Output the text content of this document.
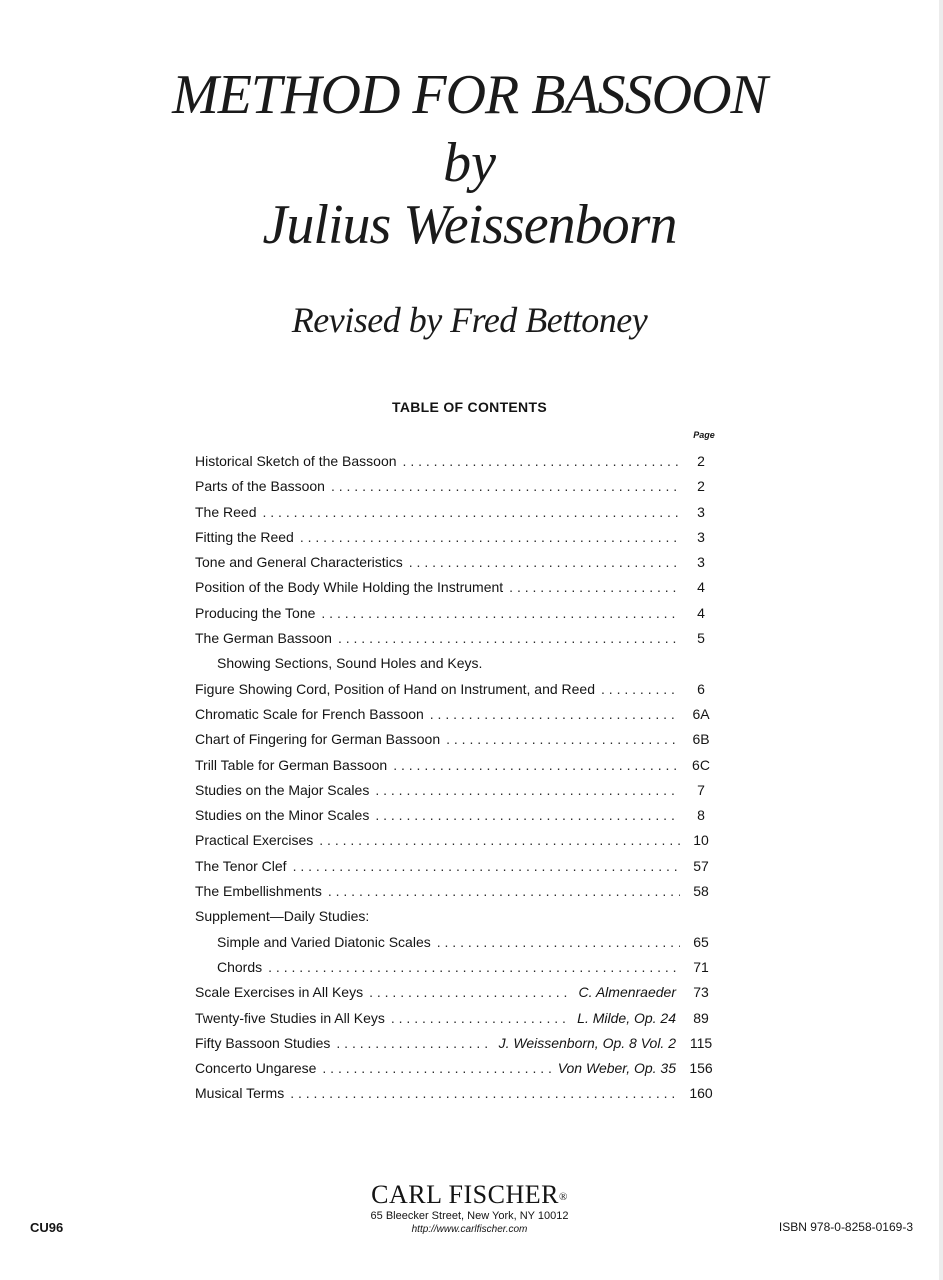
METHOD FOR BASSOON
by
Julius Weissenborn
Revised by Fred Bettoney
TABLE OF CONTENTS
Page
Historical Sketch of the Bassoon . . .	2
Parts of the Bassoon . . .	2
The Reed . . .	3
Fitting the Reed . . .	3
Tone and General Characteristics . . .	3
Position of the Body While Holding the Instrument . . .	4
Producing the Tone . . .	4
The German Bassoon . . .	5
Showing Sections, Sound Holes and Keys.
Figure Showing Cord, Position of Hand on Instrument, and Reed . . .	6
Chromatic Scale for French Bassoon . . .	6A
Chart of Fingering for German Bassoon . . .	6B
Trill Table for German Bassoon . . .	6C
Studies on the Major Scales . . .	7
Studies on the Minor Scales . . .	8
Practical Exercises . . .	10
The Tenor Clef . . .	57
The Embellishments . . .	58
Supplement—Daily Studies:
Simple and Varied Diatonic Scales . . .	65
Chords . . .	71
Scale Exercises in All Keys . . .	C. Almenraeder	73
Twenty-five Studies in All Keys . . .	L. Milde, Op. 24	89
Fifty Bassoon Studies . . .	J. Weissenborn, Op. 8 Vol. 2 115
Concerto Ungarese . . .	Von Weber, Op. 35 156
Musical Terms . . .	160
CARL FISCHER®
65 Bleecker Street, New York, NY 10012
http://www.carlfischer.com
CU96	ISBN 978-0-8258-0169-3
